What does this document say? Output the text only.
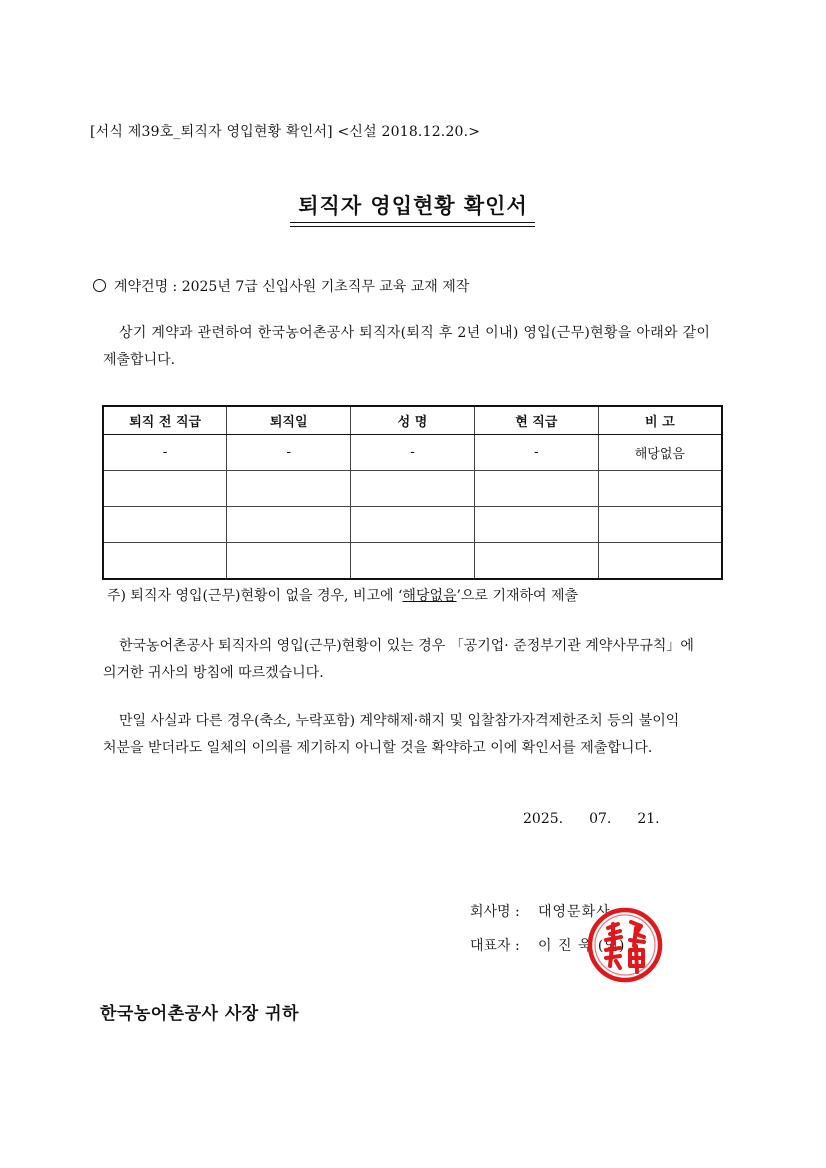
[서식 제39호_퇴직자 영입현황 확인서] <신설 2018.12.20.>
퇴직자 영입현황 확인서
계약건명 : 2025년 7급 신입사원 기초직무 교육 교재 제작
상기 계약과 관련하여 한국농어촌공사 퇴직자(퇴직 후 2년 이내) 영입(근무)현황을 아래와 같이
제출합니다.
퇴직 전 직급	퇴직일	성 명	현 직급	비 고
-	-	-	-	해당없음

주) 퇴직자 영입(근무)현황이 없을 경우, 비고에 ‘해당없음’으로 기재하여 제출
한국농어촌공사 퇴직자의 영입(근무)현황이 있는 경우 「공기업· 준정부기관 계약사무규칙」에
의거한 귀사의 방침에 따르겠습니다.
만일 사실과 다른 경우(축소, 누락포함) 계약해제·해지 및 입찰참가자격제한조치 등의 불이익
처분을 받더라도 일체의 이의를 제기하지 아니할 것을 확약하고 이에 확인서를 제출합니다.
2025. 07. 21.
회사명 : 대영문화사
대표자 : 이 진 욱 (인)
한국농어촌공사 사장 귀하
